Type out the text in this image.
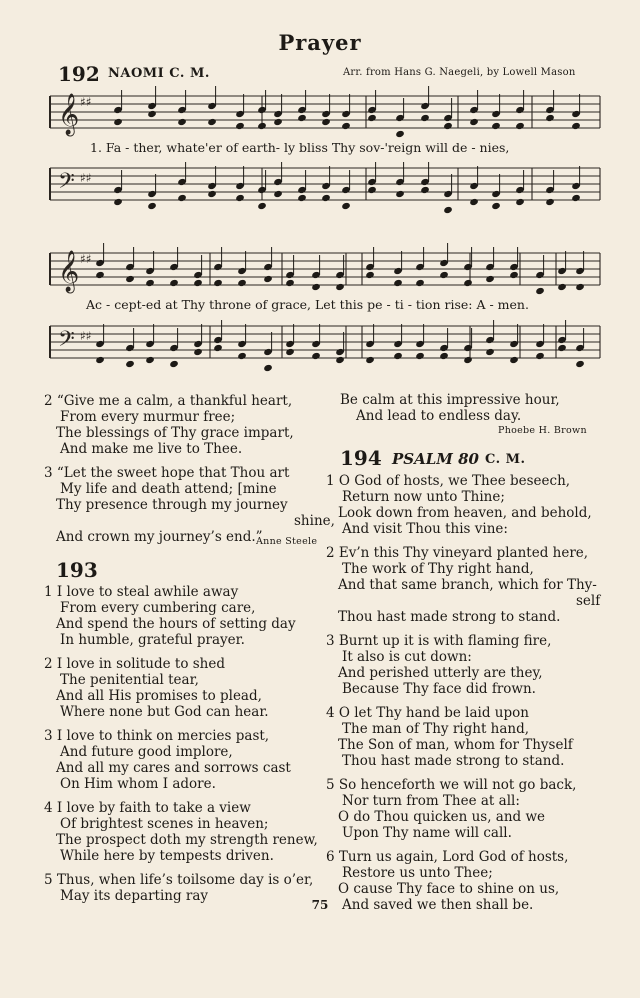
Prayer
192 NAOMI C. M.	Arr. from Hans G. Naegeli, by Lowell Mason
𝄞 ♯♯
1. Fa - ther, whate'er of earth- ly bliss Thy sov-'reign will de - nies,
𝄢 ♯♯
𝄞 ♯♯
Ac - cept-ed at Thy throne of grace, Let this pe - ti - tion rise: A - men.
𝄢 ♯♯
2 “Give me a calm, a thankful heart,
From every murmur free;
The blessings of Thy grace impart,
And make me live to Thee.
3 “Let the sweet hope that Thou art
My life and death attend; [mine
Thy presence through my journey
shine,
And crown my journey’s end.”
Anne Steele
193
1 I love to steal awhile away
From every cumbering care,
And spend the hours of setting day
In humble, grateful prayer.
2 I love in solitude to shed
The penitential tear,
And all His promises to plead,
Where none but God can hear.
3 I love to think on mercies past,
And future good implore,
And all my cares and sorrows cast
On Him whom I adore.
4 I love by faith to take a view
Of brightest scenes in heaven;
The prospect doth my strength renew,
While here by tempests driven.
5 Thus, when life’s toilsome day is o’er,
May its departing ray
Be calm at this impressive hour,
And lead to endless day.
Phoebe H. Brown
194 PSALM 80 C. M.
1 O God of hosts, we Thee beseech,
Return now unto Thine;
Look down from heaven, and behold,
And visit Thou this vine:
2 Ev’n this Thy vineyard planted here,
The work of Thy right hand,
And that same branch, which for Thy-
self
Thou hast made strong to stand.
3 Burnt up it is with flaming fire,
It also is cut down:
And perished utterly are they,
Because Thy face did frown.
4 O let Thy hand be laid upon
The man of Thy right hand,
The Son of man, whom for Thyself
Thou hast made strong to stand.
5 So henceforth we will not go back,
Nor turn from Thee at all:
O do Thou quicken us, and we
Upon Thy name will call.
6 Turn us again, Lord God of hosts,
Restore us unto Thee;
O cause Thy face to shine on us,
And saved we then shall be.
75
